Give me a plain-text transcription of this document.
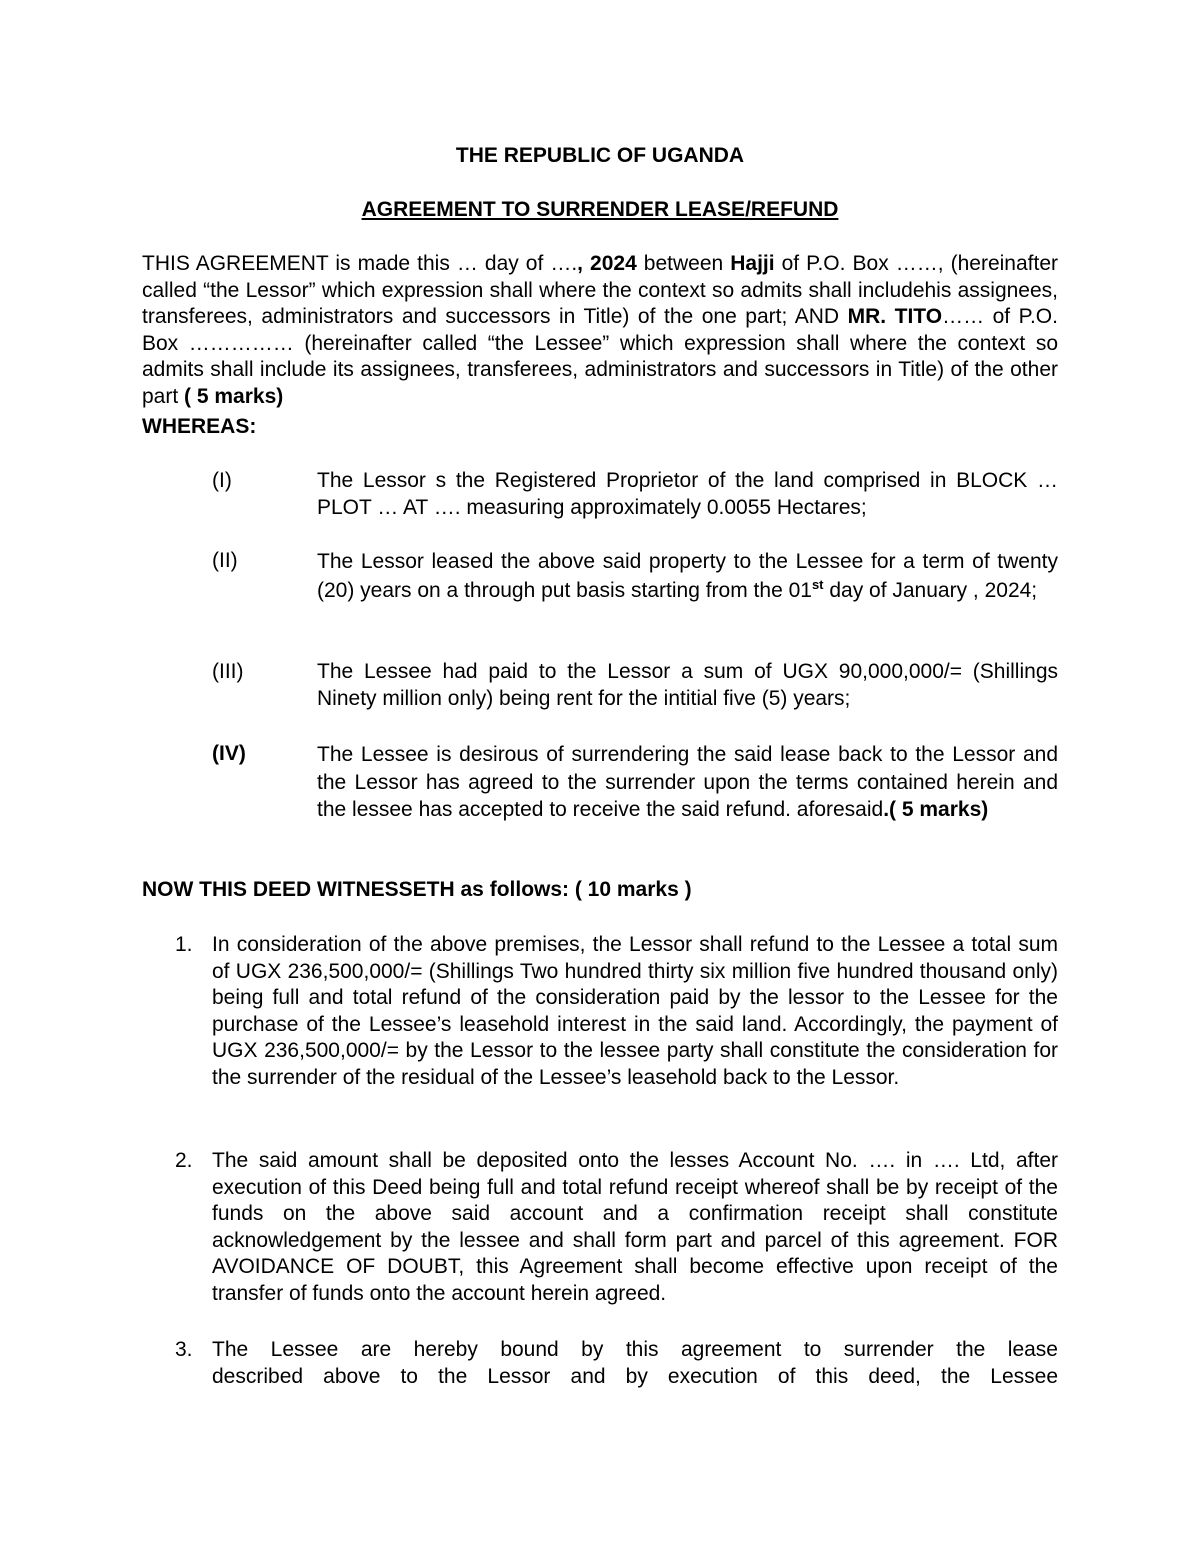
THE REPUBLIC OF UGANDA
AGREEMENT TO SURRENDER LEASE/REFUND
THIS AGREEMENT is made this … day of …., 2024 between Hajji of P.O. Box ……, (hereinafter called “the Lessor” which expression shall where the context so admits shall includehis assignees, transferees, administrators and successors in Title) of the one part; AND MR. TITO…… of P.O. Box …………… (hereinafter called “the Lessee” which expression shall where the context so admits shall include its assignees, transferees, administrators and successors in Title) of the other part ( 5 marks)
WHEREAS:
(I)	The Lessor s the Registered Proprietor of the land comprised in BLOCK … PLOT … AT …. measuring approximately 0.0055 Hectares;
(II)	The Lessor leased the above said property to the Lessee for a term of twenty (20) years on a through put basis starting from the 01st day of January , 2024;
(III)	The Lessee had paid to the Lessor a sum of UGX 90,000,000/= (Shillings Ninety million only) being rent for the intitial five (5) years;
(IV)	The Lessee is desirous of surrendering the said lease back to the Lessor and the Lessor has agreed to the surrender upon the terms contained herein and the lessee has accepted to receive the said refund. aforesaid.( 5 marks)
NOW THIS DEED WITNESSETH as follows: ( 10 marks )
1. In consideration of the above premises, the Lessor shall refund to the Lessee a total sum of UGX 236,500,000/= (Shillings Two hundred thirty six million five hundred thousand only) being full and total refund of the consideration paid by the lessor to the Lessee for the purchase of the Lessee’s leasehold interest in the said land. Accordingly, the payment of UGX 236,500,000/= by the Lessor to the lessee party shall constitute the consideration for the surrender of the residual of the Lessee’s leasehold back to the Lessor.
2. The said amount shall be deposited onto the lesses Account No. …. in …. Ltd, after execution of this Deed being full and total refund receipt whereof shall be by receipt of the funds on the above said account and a confirmation receipt shall constitute acknowledgement by the lessee and shall form part and parcel of this agreement. FOR AVOIDANCE OF DOUBT, this Agreement shall become effective upon receipt of the transfer of funds onto the account herein agreed.
3. The Lessee are hereby bound by this agreement to surrender the lease
described above to the Lessor and by execution of this deed, the Lessee
